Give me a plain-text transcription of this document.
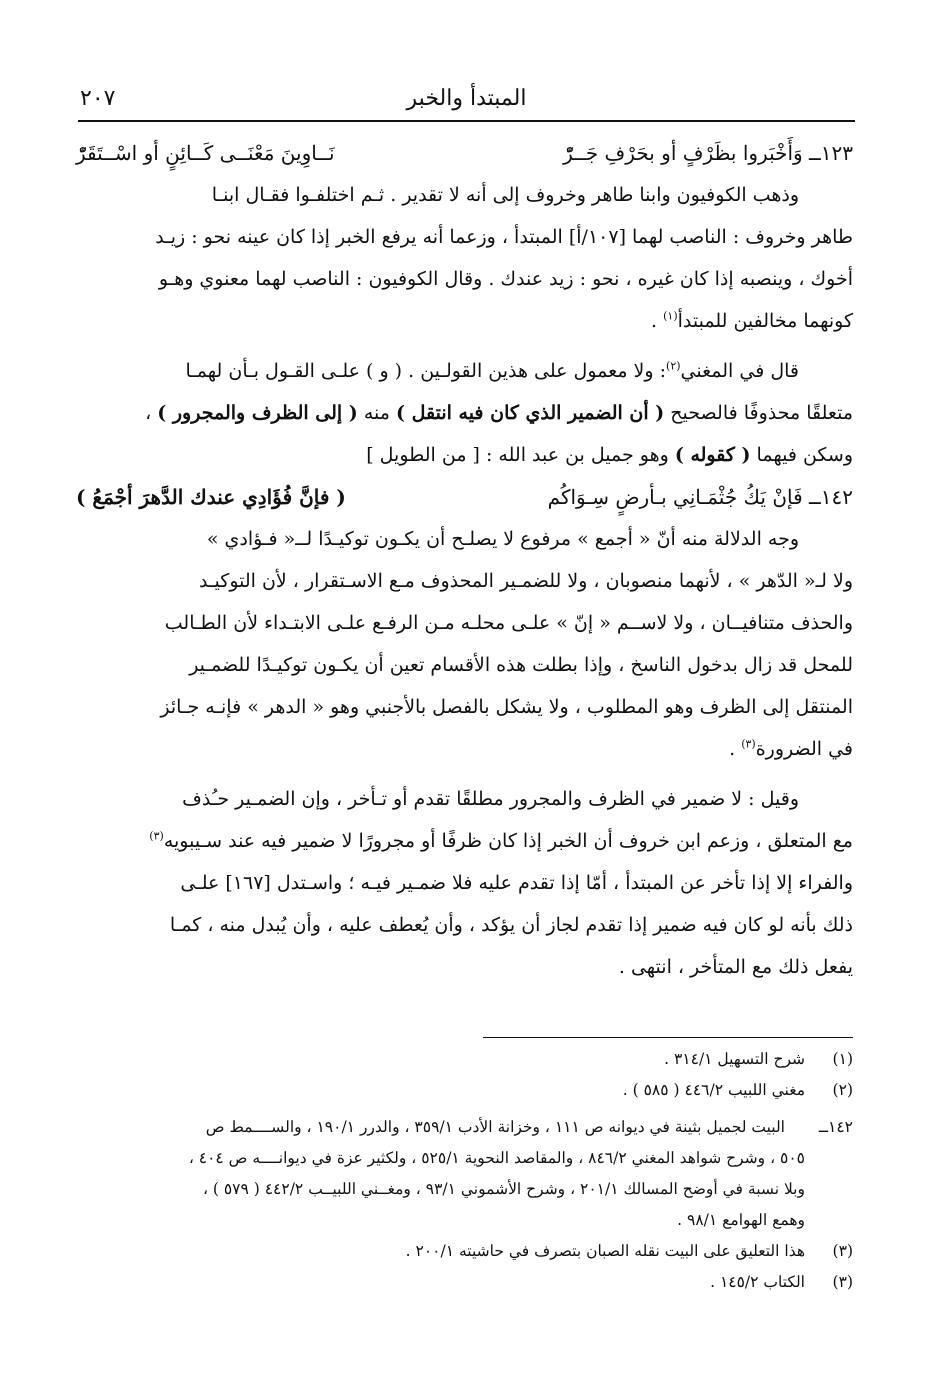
المبتدأ والخبر
٢٠٧
١٢٣ــ وَأَخْبَروا بظَرْفٍ أو بحَرْفِ جَــرّْ
نَــاوِينَ مَعْنَــى كَــائِنٍ أو اسْــتَقَرّْ

وذهب الكوفيون وابنا طاهر وخروف إلى أنه لا تقدير . ثـم اختلفـوا فقـال ابنـا

طاهر وخروف : الناصب لهما [١٠٧/أ] المبتدأ ، وزعما أنه يرفع الخبر إذا كان عينه نحو : زيـد

أخوك ، وينصبه إذا كان غيره ، نحو : زيد عندك . وقال الكوفيون : الناصب لهما معنوي وهـو

كونهما مخالفين للمبتدأ$^{(١)}$ .

قال في المغني$^{(٢)}$: ولا معمول على هذين القولـين . ( و ) علـى القـول بـأن لهمـا

متعلقًا محذوفًا فالصحيح ( أن الضمير الذي كان فيه انتقل ) منه ( إلى الظرف والمجرور ) ،

وسكن فيهما ( كقوله ) وهو جميل بن عبد الله : [ من الطويل ]

١٤٢ــ فَإنْ يَكُ جُثْمَـانِي بـأرضٍ سِـوَاكُم
( فإنَّ فُؤَادِي عندك الدَّهرَ أجْمَعُ )

وجه الدلالة منه أنّ « أجمع » مرفوع لا يصلـح أن يكـون توكيـدًا لــ« فـؤادي »

ولا لـ« الدّهر » ، لأنهما منصوبان ، ولا للضمـير المحذوف مـع الاسـتقرار ، لأن التوكيـد

والحذف متنافيــان ، ولا لاســم « إنّ » علـى محلـه مـن الرفـع علـى الابتـداء لأن الطـالب

للمحل قد زال بدخول الناسخ ، وإذا بطلت هذه الأقسام تعين أن يكـون توكيـدًا للضمـير

المنتقل إلى الظرف وهو المطلوب ، ولا يشكل بالفصل بالأجنبي وهو « الدهر » فإنـه جـائز

في الضرورة$^{(٣)}$ .

وقيل : لا ضمير في الظرف والمجرور مطلقًا تقدم أو تـأخر ، وإن الضمـير حـُذف

مع المتعلق ، وزعم ابن خروف أن الخبر إذا كان ظرفًا أو مجرورًا لا ضمير فيه عند سـيبويه$^{(٣)}$

والفراء إلا إذا تأخر عن المبتدأ ، أمّا إذا تقدم عليه فلا ضمـير فيـه ؛ واسـتدل [١٦٧] علـى

ذلك بأنه لو كان فيه ضمير إذا تقدم لجاز أن يؤكد ، وأن يُعطف عليه ، وأن يُبدل منه ، كمـا

يفعل ذلك مع المتأخر ، انتهى .

(١)
شرح التسهيل ٣١٤/١ .
(٢)
مغني اللبيب ٤٤٦/٢ ( ٥٨٥ ) .
١٤٢ــ
البيت لجميل بثينة في ديوانه ص ١١١ ، وخزانة الأدب ٣٥٩/١ ، والدرر ١٩٠/١ ، والســــمط ص
٥٠٥ ، وشرح شواهد المغني ٨٤٦/٢ ، والمقاصد النحوية ٥٢٥/١ ، ولكثير عزة في ديوانــــه ص ٤٠٤ ،
وبلا نسبة في أوضح المسالك ٢٠١/١ ، وشرح الأشموني ٩٣/١ ، ومغــني اللبيــب ٤٤٢/٢ ( ٥٧٩ ) ،
وهمع الهوامع ٩٨/١ .
(٣)
هذا التعليق على البيت نقله الصبان بتصرف في حاشيته ٢٠٠/١ .
(٣)
الكتاب ١٤٥/٢ .
